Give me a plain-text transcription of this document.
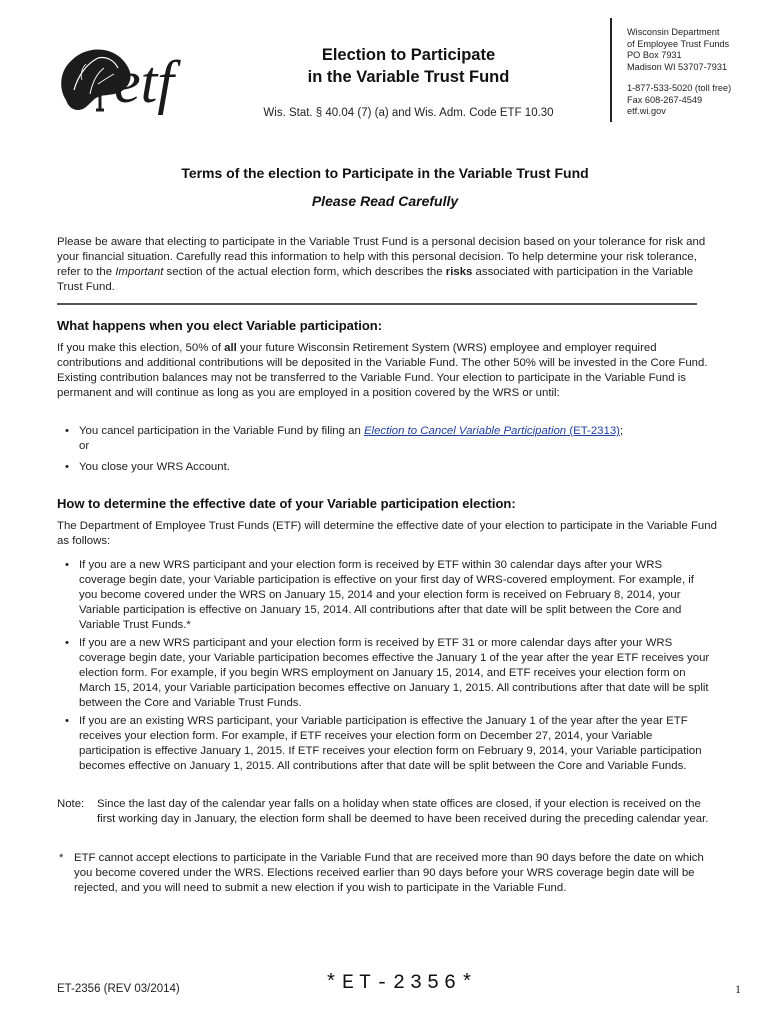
etf	Election to Participate
in the Variable Trust Fund
Wis. Stat. § 40.04 (7) (a) and Wis. Adm. Code ETF 10.30
Wisconsin Department
of Employee Trust Funds
PO Box 7931
Madison WI 53707-7931
1-877-533-5020 (toll free)
Fax 608-267-4549
etf.wi.gov
Terms of the election to Participate in the Variable Trust Fund
Please Read Carefully
Please be aware that electing to participate in the Variable Trust Fund is a personal decision based on your tolerance for risk and your financial situation. Carefully read this information to help with this personal decision. To help determine your risk tolerance, refer to the Important section of the actual election form, which describes the risks associated with participation in the Variable Trust Fund.
What happens when you elect Variable participation:
If you make this election, 50% of all your future Wisconsin Retirement System (WRS) employee and employer required contributions and additional contributions will be deposited in the Variable Fund. The other 50% will be invested in the Core Fund. Existing contribution balances may not be transferred to the Variable Fund. Your election to participate in the Variable Fund is permanent and will continue as long as you are employed in a position covered by the WRS or until:
• You cancel participation in the Variable Fund by filing an Election to Cancel Variable Participation (ET-2313);
or
• You close your WRS Account.
How to determine the effective date of your Variable participation election:
The Department of Employee Trust Funds (ETF) will determine the effective date of your election to participate in the Variable Fund as follows:
• If you are a new WRS participant and your election form is received by ETF within 30 calendar days after your WRS coverage begin date, your Variable participation is effective on your first day of WRS-covered employment. For example, if you become covered under the WRS on January 15, 2014 and your election form is received on February 8, 2014, your Variable participation is effective on January 15, 2014. All contributions after that date will be split between the Core and Variable Trust Funds.*
• If you are a new WRS participant and your election form is received by ETF 31 or more calendar days after your WRS coverage begin date, your Variable participation becomes effective the January 1 of the year after the year ETF receives your election form. For example, if you begin WRS employment on January 15, 2014, and ETF receives your election form on March 15, 2014, your Variable participation becomes effective on January 1, 2015. All contributions after that date will be split between the Core and Variable Trust Funds.
• If you are an existing WRS participant, your Variable participation is effective the January 1 of the year after the year ETF receives your election form. For example, if ETF receives your election form on December 27, 2014, your Variable participation is effective January 1, 2015. If ETF receives your election form on February 9, 2014, your Variable participation becomes effective on January 1, 2015. All contributions after that date will be split between the Core and Variable Funds.
Note: Since the last day of the calendar year falls on a holiday when state offices are closed, if your election is received on the first working day in January, the election form shall be deemed to have been received during the preceding calendar year.
* ETF cannot accept elections to participate in the Variable Fund that are received more than 90 days before the date on which you become covered under the WRS. Elections received earlier than 90 days before your WRS coverage begin date will be rejected, and you will need to submit a new election if you wish to participate in the Variable Fund.
ET-2356 (REV 03/2014)	*ET-2356*	1
